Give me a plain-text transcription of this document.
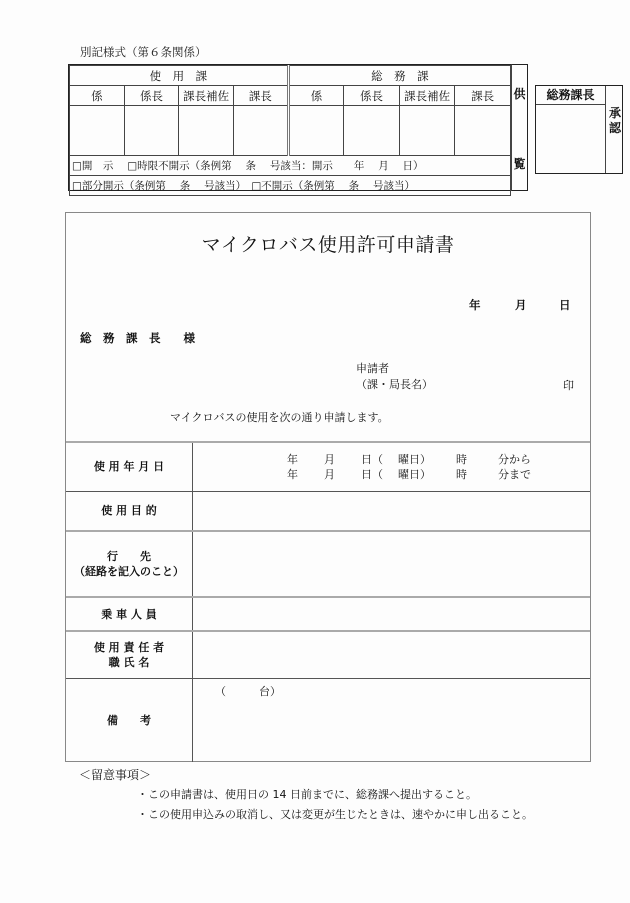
別記様式（第６条関係）
使　用　課				総　務　課			
係	係長	課長補佐	課長	係	係長	課長補佐	課長

□開　示　 □時限不開示（条例第　 条　 号該当：開示　　年　 月　 日）							
□部分開示（条例第　 条　 号該当）　□不開示（条例第　 条　 号該当）							
供
覧
総務課長
承
認
マイクロバス使用許可申請書
年	月	日
総　務　課　長　　様
申請者
（課・局長名）	印
マイクロバスの使用を次の通り申請します。
使 用 年 月 日	年 月 日（ 曜日） 時 分から
年 月 日（ 曜日） 時 分まで

使 用 目 的	

行　　先
（経路を記入のこと）	

乗 車 人 員	

使 用 責 任 者
職 氏 名	

備　　考	（　　　台）
＜留意事項＞
・この申請書は、使用日の 14 日前までに、総務課へ提出すること。
・この使用申込みの取消し、又は変更が生じたときは、速やかに申し出ること。
